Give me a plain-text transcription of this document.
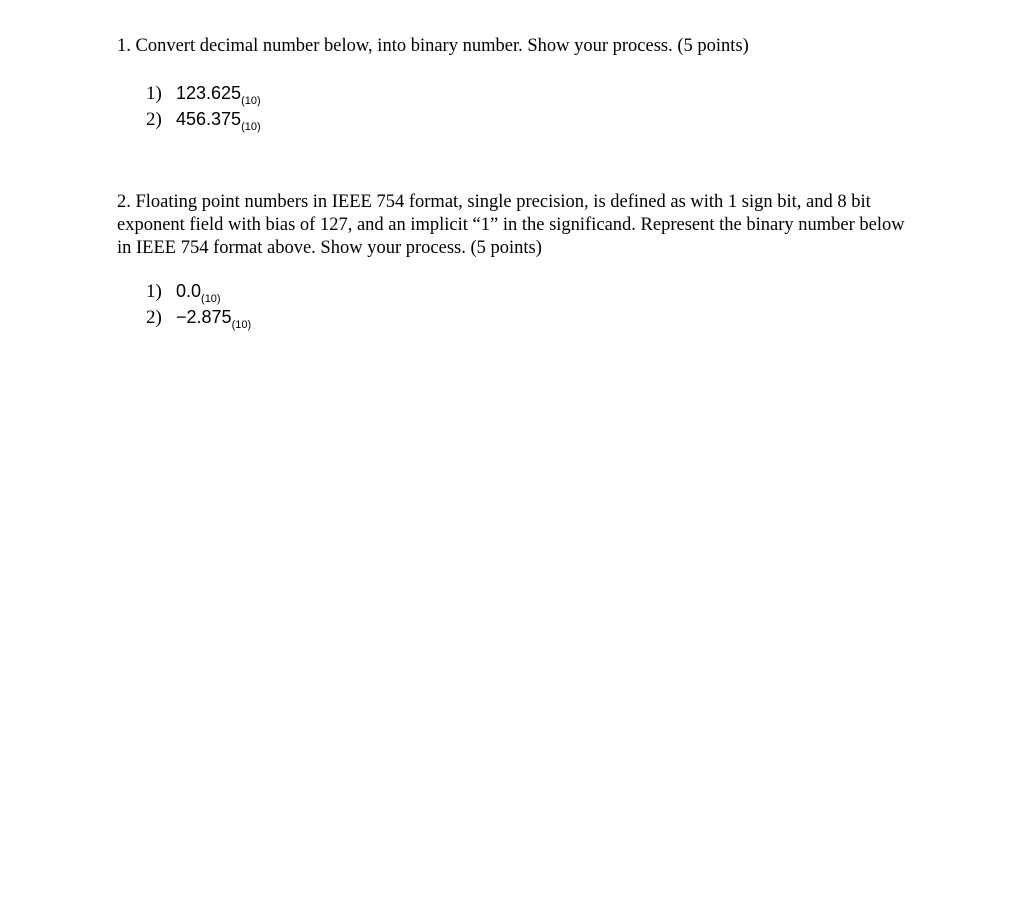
1. Convert decimal number below, into binary number. Show your process. (5 points)

1) $123.625_{(10)}$
2) $456.375_{(10)}$

2. Floating point numbers in IEEE 754 format, single precision, is defined as with 1 sign bit, and 8 bit exponent field with bias of 127, and an implicit “1” in the significand. Represent the binary number below in IEEE 754 format above. Show your process. (5 points)

1) $0.0_{(10)}$
$2) -2.875_{(10)}$
